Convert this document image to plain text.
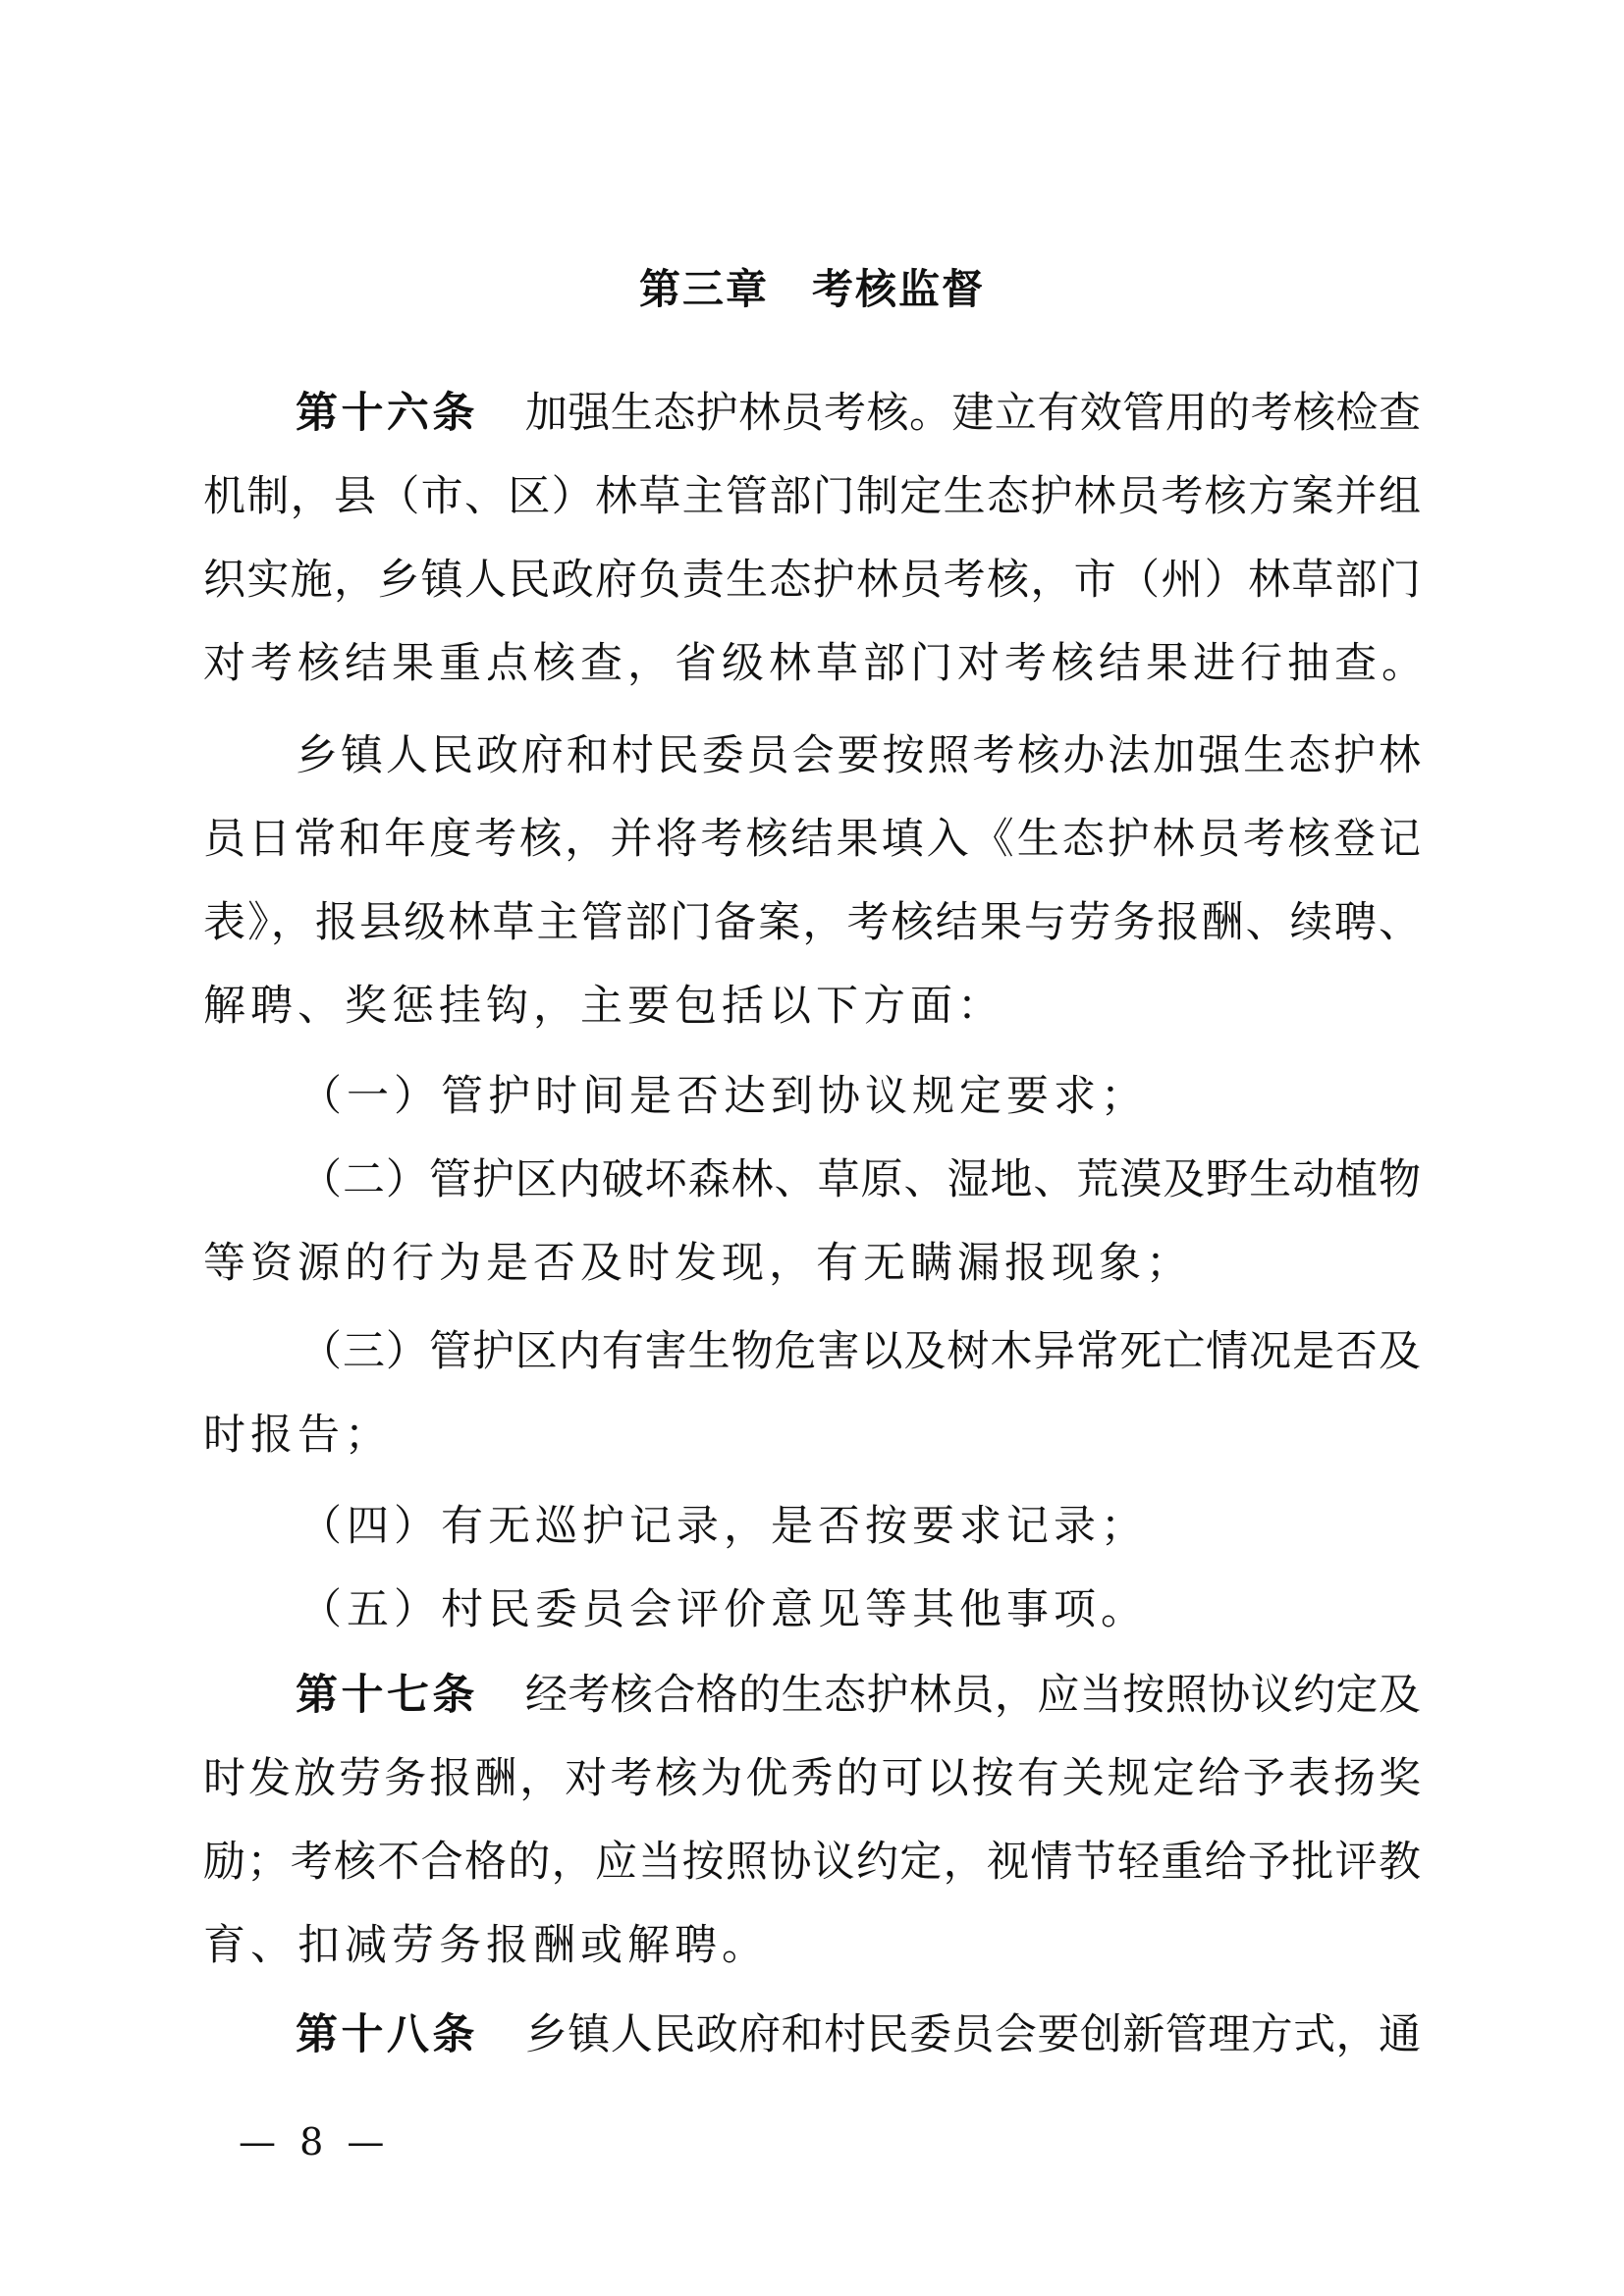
第三章　考核监督
第十六条 加强生态护林员考核。建立有效管用的考核检查
机制，县（市、区）林草主管部门制定生态护林员考核方案并组
织实施，乡镇人民政府负责生态护林员考核，市（州）林草部门
对考核结果重点核查，省级林草部门对考核结果进行抽查。
乡镇人民政府和村民委员会要按照考核办法加强生态护林
员日常和年度考核，并将考核结果填入《生态护林员考核登记
表》，报县级林草主管部门备案，考核结果与劳务报酬、续聘、
解聘、奖惩挂钩，主要包括以下方面：
（一）管护时间是否达到协议规定要求；
（二）管护区内破坏森林、草原、湿地、荒漠及野生动植物
等资源的行为是否及时发现，有无瞒漏报现象；
（三）管护区内有害生物危害以及树木异常死亡情况是否及
时报告；
（四）有无巡护记录，是否按要求记录；
（五）村民委员会评价意见等其他事项。
第十七条 经考核合格的生态护林员，应当按照协议约定及
时发放劳务报酬，对考核为优秀的可以按有关规定给予表扬奖
励；考核不合格的，应当按照协议约定，视情节轻重给予批评教
育、扣减劳务报酬或解聘。
第十八条 乡镇人民政府和村民委员会要创新管理方式，通
— 8 —
